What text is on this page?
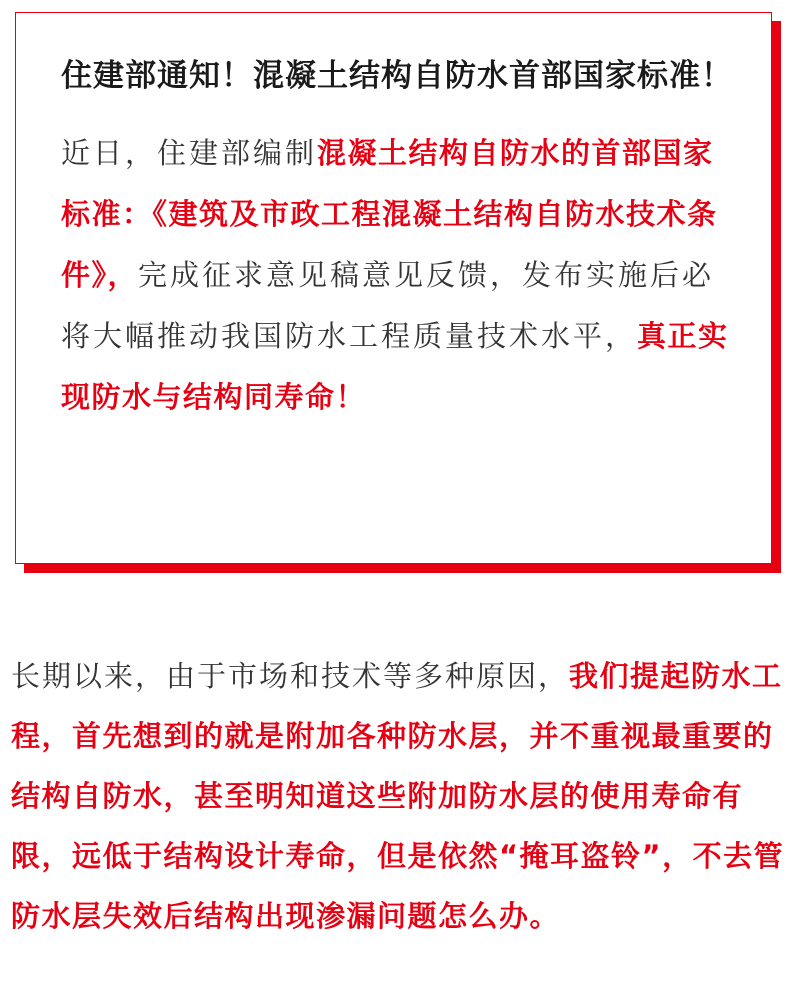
住建部通知！混凝土结构自防水首部国家标准！

近日，住建部编制混凝土结构自防水的首部国家标准：《建筑及市政工程混凝土结构自防水技术条件》，完成征求意见稿意见反馈，发布实施后必将大幅推动我国防水工程质量技术水平，真正实现防水与结构同寿命！

长期以来，由于市场和技术等多种原因，我们提起防水工程，首先想到的就是附加各种防水层，并不重视最重要的结构自防水，甚至明知道这些附加防水层的使用寿命有限，远低于结构设计寿命，但是依然“掩耳盗铃”，不去管防水层失效后结构出现渗漏问题怎么办。
